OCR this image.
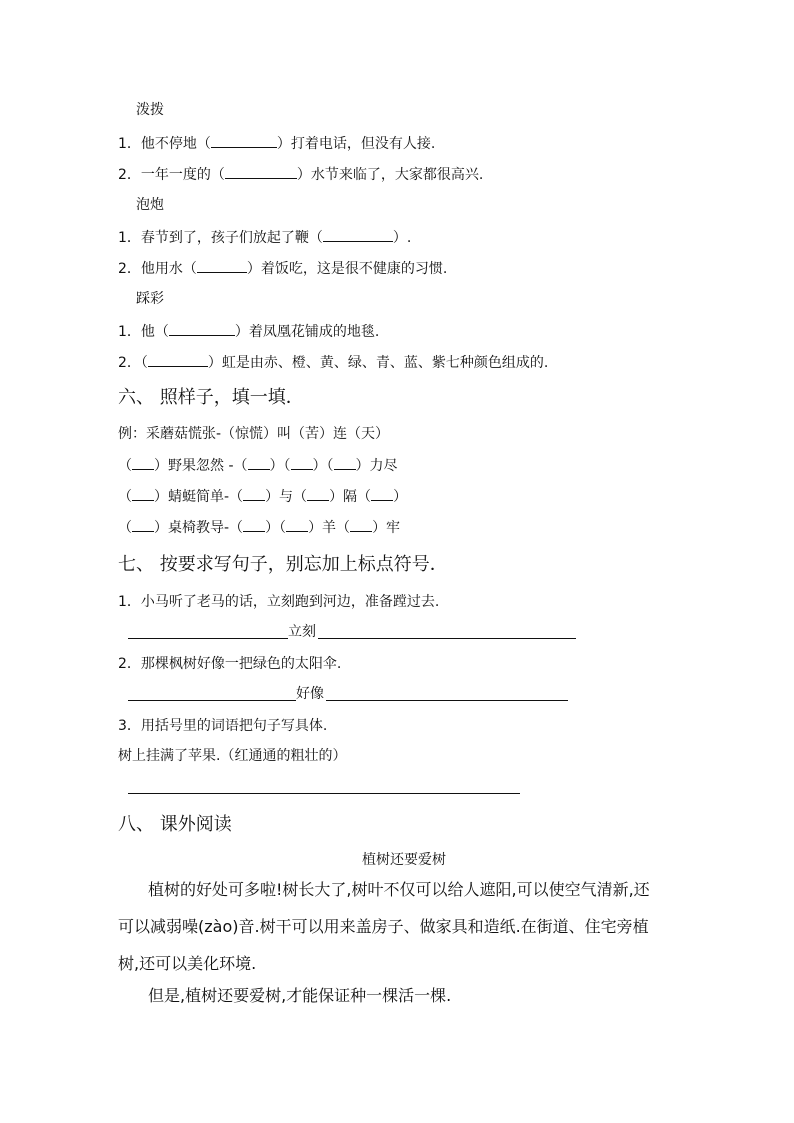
泼拨
1．他不停地（	）打着电话，但没有人接.
2．一年一度的（	）水节来临了，大家都很高兴.
泡炮
1．春节到了，孩子们放起了鞭（	）.
2．他用水（	）着饭吃，这是很不健康的习惯.
踩彩
1．他（	）着凤凰花铺成的地毯.
2．（	）虹是由赤、橙、黄、绿、青、蓝、紫七种颜色组成的.
六、 照样子，填一填．
例：采蘑菇慌张-（惊慌）叫（苦）连（天）
（ ）野果忽然 -（ ）（ ）（ ）力尽
（ ）蜻蜓简单-（ ）与（ ）隔（ ）
（ ）桌椅教导-（ ）（ ）羊（ ）牢
七、 按要求写句子，别忘加上标点符号．
1．小马听了老马的话，立刻跑到河边，准备蹚过去.
立刻
2．那棵枫树好像一把绿色的太阳伞.
好像
3．用括号里的词语把句子写具体.
树上挂满了苹果.（红通通的粗壮的）
八、 课外阅读
植树还要爱树
植树的好处可多啦!树长大了,树叶不仅可以给人遮阳,可以使空气清新,还
可以减弱噪(zào)音.树干可以用来盖房子、做家具和造纸.在街道、住宅旁植
树,还可以美化环境.
但是,植树还要爱树,才能保证种一棵活一棵.
